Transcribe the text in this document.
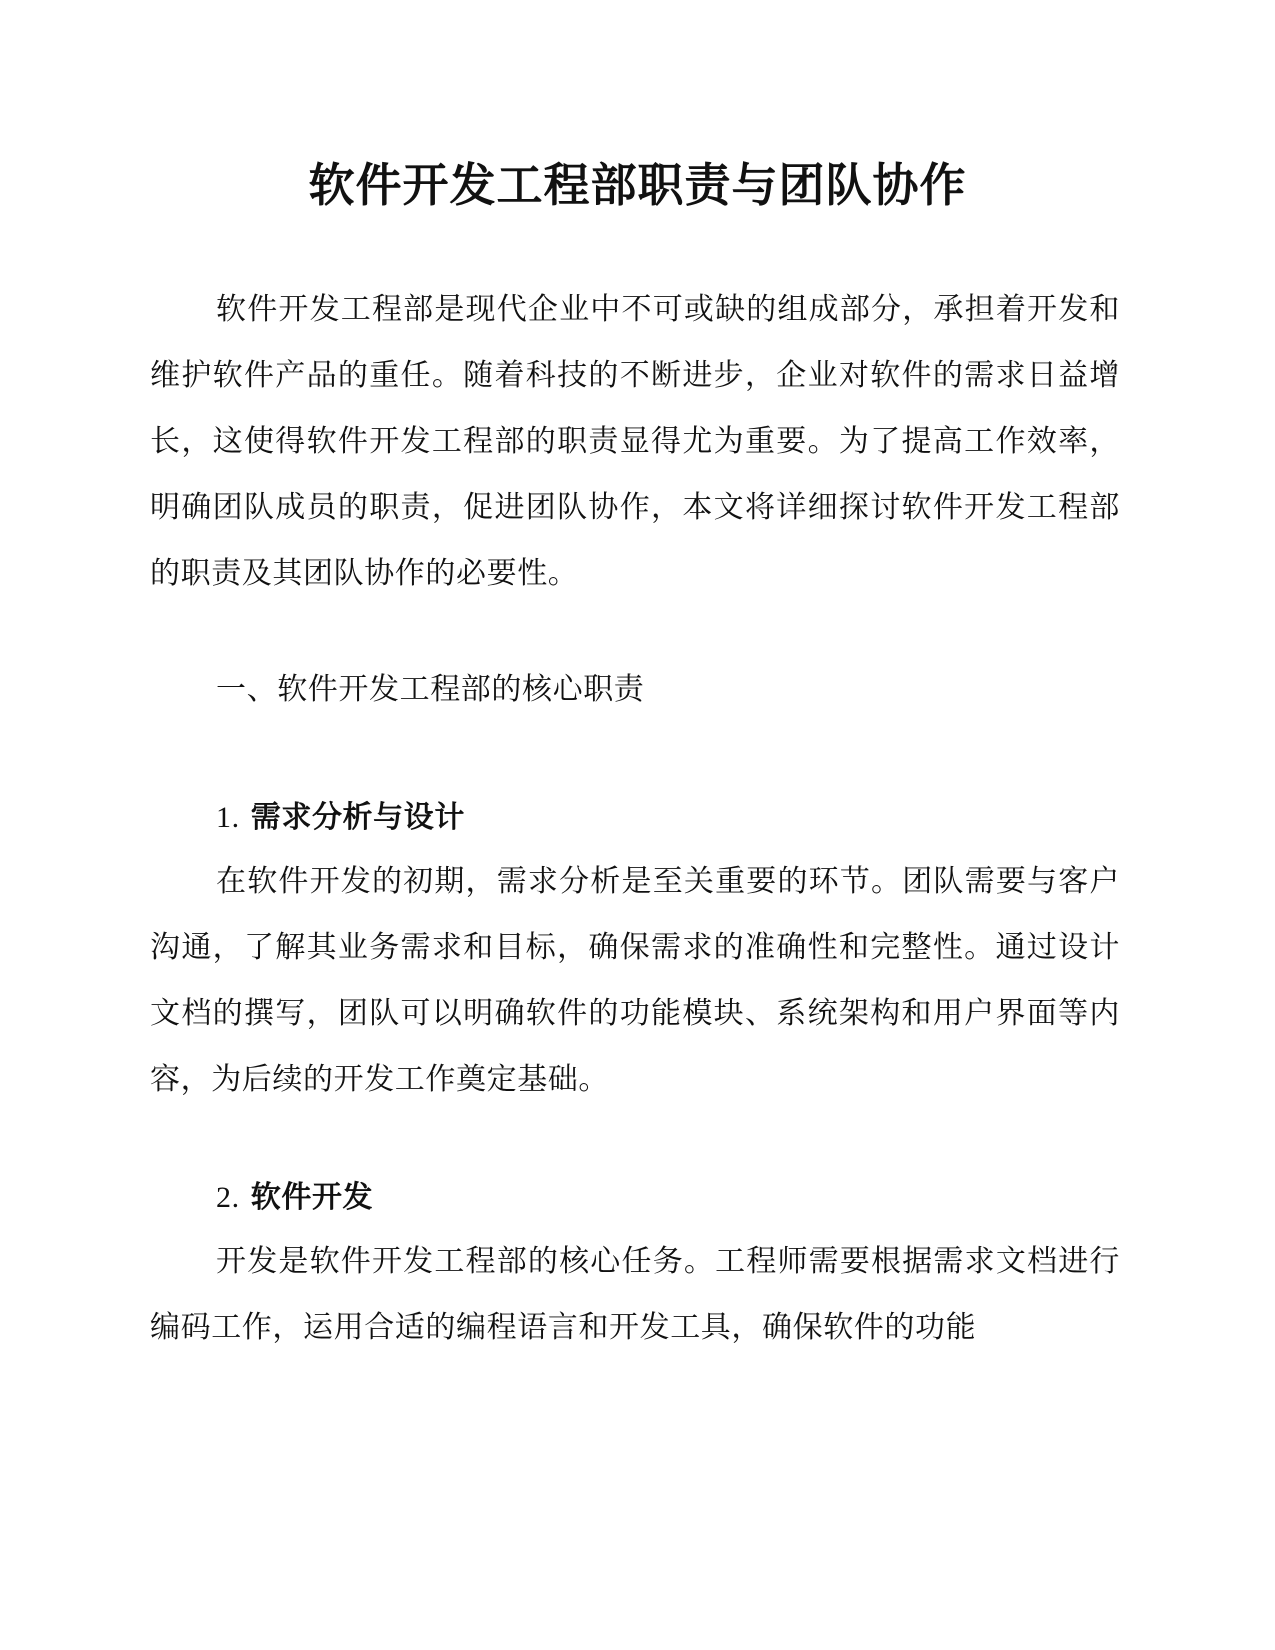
软件开发工程部职责与团队协作

软件开发工程部是现代企业中不可或缺的组成部分，承担着开发和维护软件产品的重任。随着科技的不断进步，企业对软件的需求日益增长，这使得软件开发工程部的职责显得尤为重要。为了提高工作效率，明确团队成员的职责，促进团队协作，本文将详细探讨软件开发工程部的职责及其团队协作的必要性。

一、软件开发工程部的核心职责

1. 需求分析与设计

在软件开发的初期，需求分析是至关重要的环节。团队需要与客户沟通，了解其业务需求和目标，确保需求的准确性和完整性。通过设计文档的撰写，团队可以明确软件的功能模块、系统架构和用户界面等内容，为后续的开发工作奠定基础。

2. 软件开发

开发是软件开发工程部的核心任务。工程师需要根据需求文档进行编码工作，运用合适的编程语言和开发工具，确保软件的功能
